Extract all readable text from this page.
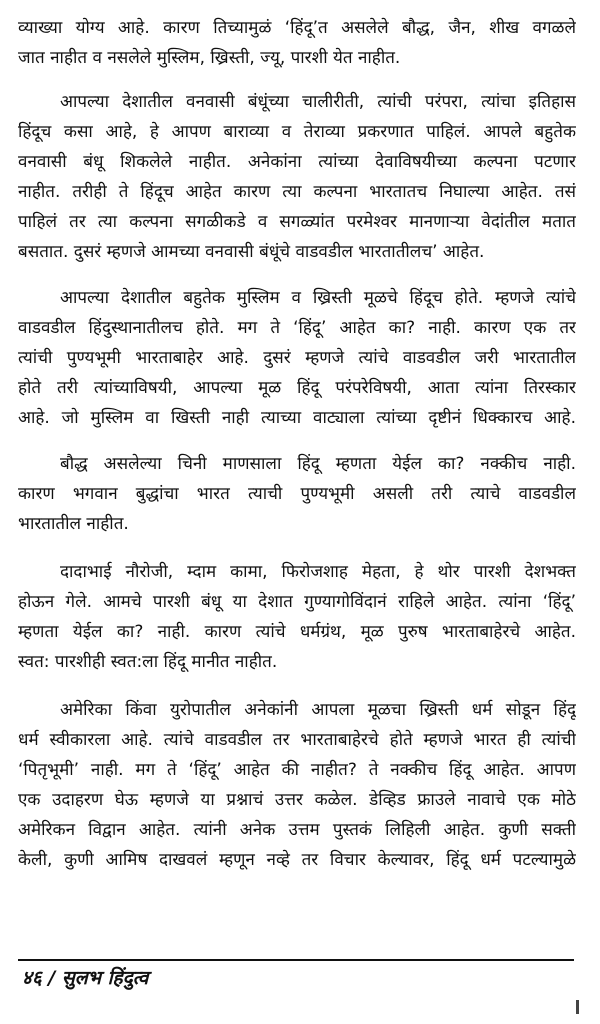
व्याख्या योग्य आहे. कारण तिच्यामुळं ‘हिंदू’त असलेले बौद्ध, जैन, शीख वगळले
जात नाहीत व नसलेले मुस्लिम, ख्रिस्ती, ज्यू, पारशी येत नाहीत.
आपल्या देशातील वनवासी बंधूंच्या चालीरीती, त्यांची परंपरा, त्यांचा इतिहास
हिंदूच कसा आहे, हे आपण बाराव्या व तेराव्या प्रकरणात पाहिलं. आपले बहुतेक
वनवासी बंधू शिकलेले नाहीत. अनेकांना त्यांच्या देवाविषयीच्या कल्पना पटणार
नाहीत. तरीही ते हिंदूच आहेत कारण त्या कल्पना भारतातच निघाल्या आहेत. तसं
पाहिलं तर त्या कल्पना सगळीकडे व सगळ्यांत परमेश्वर मानणाऱ्या वेदांतील मतात
बसतात. दुसरं म्हणजे आमच्या वनवासी बंधूंचे वाडवडील भारतातीलच’ आहेत.
आपल्या देशातील बहुतेक मुस्लिम व ख्रिस्ती मूळचे हिंदूच होते. म्हणजे त्यांचे
वाडवडील हिंदुस्थानातीलच होते. मग ते ‘हिंदू’ आहेत का? नाही. कारण एक तर
त्यांची पुण्यभूमी भारताबाहेर आहे. दुसरं म्हणजे त्यांचे वाडवडील जरी भारतातील
होते तरी त्यांच्याविषयी, आपल्या मूळ हिंदू परंपरेविषयी, आता त्यांना तिरस्कार
आहे. जो मुस्लिम वा खिस्ती नाही त्याच्या वाट्याला त्यांच्या दृष्टीनं धिक्कारच आहे.
बौद्ध असलेल्या चिनी माणसाला हिंदू म्हणता येईल का? नक्कीच नाही.
कारण भगवान बुद्धांचा भारत त्याची पुण्यभूमी असली तरी त्याचे वाडवडील
भारतातील नाहीत.
दादाभाई नौरोजी, म्दाम कामा, फिरोजशाह मेहता, हे थोर पारशी देशभक्त
होऊन गेले. आमचे पारशी बंधू या देशात गुण्यागोविंदानं राहिले आहेत. त्यांना ‘हिंदू’
म्हणता येईल का? नाही. कारण त्यांचे धर्मग्रंथ, मूळ पुरुष भारताबाहेरचे आहेत.
स्वत: पारशीही स्वत:ला हिंदू मानीत नाहीत.
अमेरिका किंवा युरोपातील अनेकांनी आपला मूळचा ख्रिस्ती धर्म सोडून हिंदू
धर्म स्वीकारला आहे. त्यांचे वाडवडील तर भारताबाहेरचे होते म्हणजे भारत ही त्यांची
‘पितृभूमी’ नाही. मग ते ‘हिंदू’ आहेत की नाहीत? ते नक्कीच हिंदू आहेत. आपण
एक उदाहरण घेऊ म्हणजे या प्रश्नाचं उत्तर कळेल. डेव्हिड फ्राउले नावाचे एक मोठे
अमेरिकन विद्वान आहेत. त्यांनी अनेक उत्तम पुस्तकं लिहिली आहेत. कुणी सक्ती
केली, कुणी आमिष दाखवलं म्हणून नव्हे तर विचार केल्यावर, हिंदू धर्म पटल्यामुळे
४६ / सुलभ हिंदुत्व
